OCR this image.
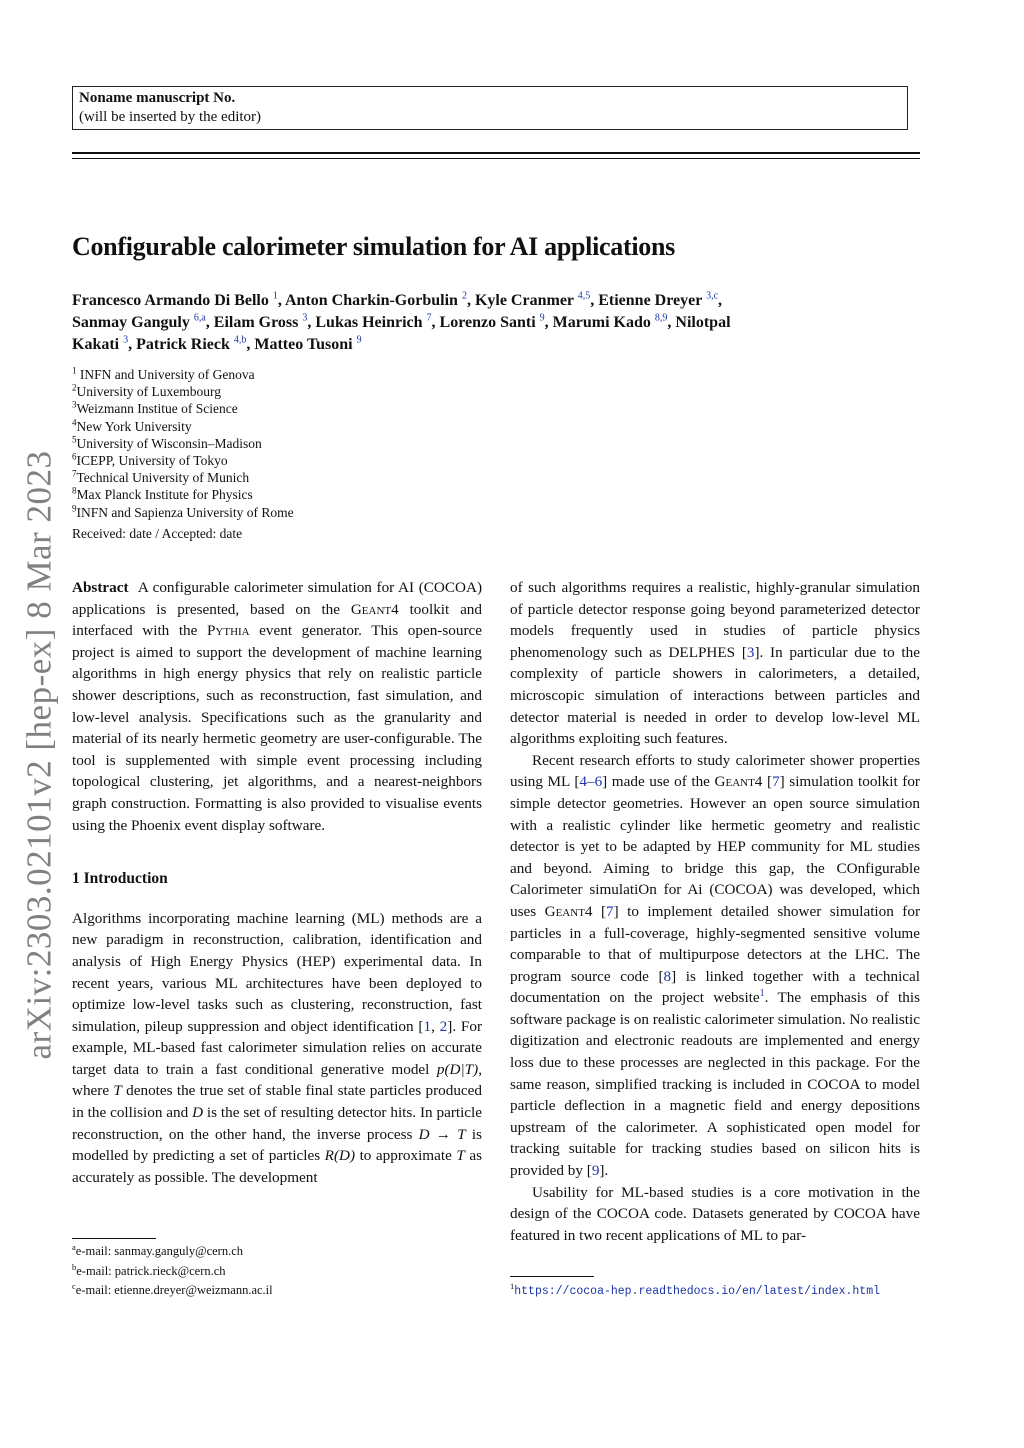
arXiv:2303.02101v2 [hep-ex] 8 Mar 2023
Noname manuscript No.
(will be inserted by the editor)
Configurable calorimeter simulation for AI applications
Francesco Armando Di Bello $^1$, Anton Charkin-Gorbulin $^2$, Kyle Cranmer $^{4,5}$, Etienne Dreyer $^{3,c}$, Sanmay Ganguly $^{6,a}$, Eilam Gross $^3$, Lukas Heinrich $^7$, Lorenzo Santi $^9$, Marumi Kado $^{8,9}$, Nilotpal Kakati $^3$, Patrick Rieck $^{4,b}$, Matteo Tusoni $^9$
$^1$ INFN and University of Genova
$^2$University of Luxembourg
$^3$Weizmann Institue of Science
$^4$New York University
$^5$University of Wisconsin–Madison
$^6$ICEPP, University of Tokyo
$^7$Technical University of Munich
$^8$Max Planck Institute for Physics
$^9$INFN and Sapienza University of Rome
Received: date / Accepted: date

Abstract A configurable calorimeter simulation for AI (COCOA) applications is presented, based on the Geant4 toolkit and interfaced with the Pythia event generator. This open-source project is aimed to support the development of machine learning algorithms in high energy physics that rely on realistic particle shower descriptions, such as reconstruction, fast simulation, and low-level analysis. Specifications such as the granularity and material of its nearly hermetic geometry are user-configurable. The tool is supplemented with simple event processing including topological clustering, jet algorithms, and a nearest-neighbors graph construction. Formatting is also provided to visualise events using the Phoenix event display software.

1 Introduction

Algorithms incorporating machine learning (ML) methods are a new paradigm in reconstruction, calibration, identification and analysis of High Energy Physics (HEP) experimental data. In recent years, various ML architectures have been deployed to optimize low-level tasks such as clustering, reconstruction, fast simulation, pileup suppression and object identification [1, 2]. For example, ML-based fast calorimeter simulation relies on accurate target data to train a fast conditional generative model p(D|T), where T denotes the true set of stable final state particles produced in the collision and D is the set of resulting detector hits. In particle reconstruction, on the other hand, the inverse process D → T is modelled by predicting a set of particles R(D) to approximate T as accurately as possible. The development

of such algorithms requires a realistic, highly-granular simulation of particle detector response going beyond parameterized detector models frequently used in studies of particle physics phenomenology such as DELPHES [3]. In particular due to the complexity of particle showers in calorimeters, a detailed, microscopic simulation of interactions between particles and detector material is needed in order to develop low-level ML algorithms exploiting such features.

Recent research efforts to study calorimeter shower properties using ML [4–6] made use of the Geant4 [7] simulation toolkit for simple detector geometries. However an open source simulation with a realistic cylinder like hermetic geometry and realistic detector is yet to be adapted by HEP community for ML studies and beyond. Aiming to bridge this gap, the COnfigurable Calorimeter simulatiOn for Ai (COCOA) was developed, which uses Geant4 [7] to implement detailed shower simulation for particles in a full-coverage, highly-segmented sensitive volume comparable to that of multipurpose detectors at the LHC. The program source code [8] is linked together with a technical documentation on the project website$^1$. The emphasis of this software package is on realistic calorimeter simulation. No realistic digitization and electronic readouts are implemented and energy loss due to these processes are neglected in this package. For the same reason, simplified tracking is included in COCOA to model particle deflection in a magnetic field and energy depositions upstream of the calorimeter. A sophisticated open model for tracking suitable for tracking studies based on silicon hits is provided by [9].

Usability for ML-based studies is a core motivation in the design of the COCOA code. Datasets generated by COCOA have featured in two recent applications of ML to par-

$^a$e-mail: sanmay.ganguly@cern.ch
$^b$e-mail: patrick.rieck@cern.ch
$^c$e-mail: etienne.dreyer@weizmann.ac.il	$^1$https://cocoa-hep.readthedocs.io/en/latest/index.html
